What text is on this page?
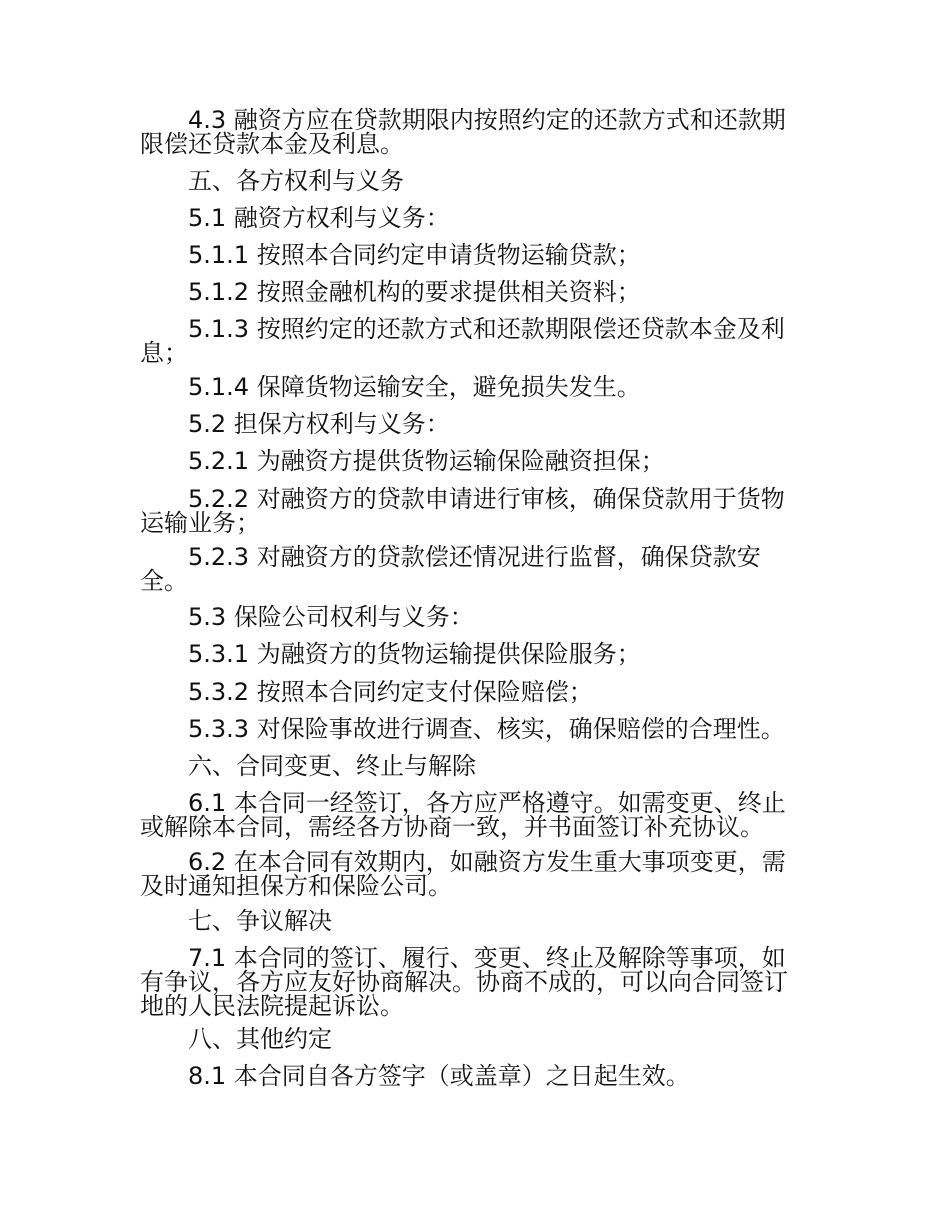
4.3 融资方应在贷款期限内按照约定的还款方式和还款期限偿还贷款本金及利息。
五、各方权利与义务
5.1 融资方权利与义务：
5.1.1 按照本合同约定申请货物运输贷款；
5.1.2 按照金融机构的要求提供相关资料；
5.1.3 按照约定的还款方式和还款期限偿还贷款本金及利息；
5.1.4 保障货物运输安全，避免损失发生。
5.2 担保方权利与义务：
5.2.1 为融资方提供货物运输保险融资担保；
5.2.2 对融资方的贷款申请进行审核，确保贷款用于货物运输业务；
5.2.3 对融资方的贷款偿还情况进行监督，确保贷款安全。
5.3 保险公司权利与义务：
5.3.1 为融资方的货物运输提供保险服务；
5.3.2 按照本合同约定支付保险赔偿；
5.3.3 对保险事故进行调查、核实，确保赔偿的合理性。
六、合同变更、终止与解除
6.1 本合同一经签订，各方应严格遵守。如需变更、终止或解除本合同，需经各方协商一致，并书面签订补充协议。
6.2 在本合同有效期内，如融资方发生重大事项变更，需及时通知担保方和保险公司。
七、争议解决
7.1 本合同的签订、履行、变更、终止及解除等事项，如有争议，各方应友好协商解决。协商不成的，可以向合同签订地的人民法院提起诉讼。
八、其他约定
8.1 本合同自各方签字（或盖章）之日起生效。
